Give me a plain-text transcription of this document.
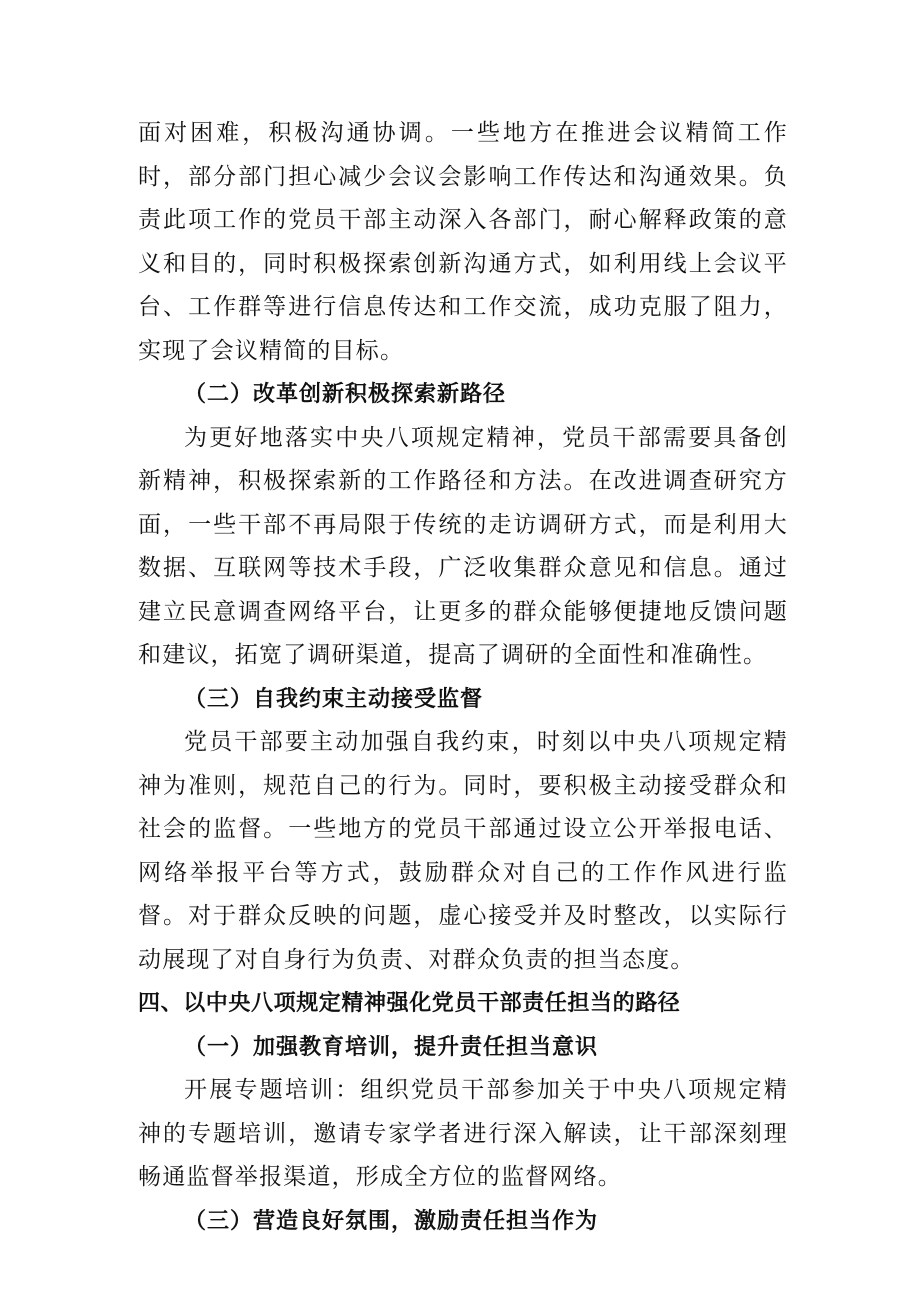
面对困难，积极沟通协调。一些地方在推进会议精简工作时，部分部门担心减少会议会影响工作传达和沟通效果。负责此项工作的党员干部主动深入各部门，耐心解释政策的意义和目的，同时积极探索创新沟通方式，如利用线上会议平台、工作群等进行信息传达和工作交流，成功克服了阻力，实现了会议精简的目标。

（二）改革创新积极探索新路径

为更好地落实中央八项规定精神，党员干部需要具备创新精神，积极探索新的工作路径和方法。在改进调查研究方面，一些干部不再局限于传统的走访调研方式，而是利用大数据、互联网等技术手段，广泛收集群众意见和信息。通过建立民意调查网络平台，让更多的群众能够便捷地反馈问题和建议，拓宽了调研渠道，提高了调研的全面性和准确性。

（三）自我约束主动接受监督

党员干部要主动加强自我约束，时刻以中央八项规定精神为准则，规范自己的行为。同时，要积极主动接受群众和社会的监督。一些地方的党员干部通过设立公开举报电话、网络举报平台等方式，鼓励群众对自己的工作作风进行监督。对于群众反映的问题，虚心接受并及时整改，以实际行动展现了对自身行为负责、对群众负责的担当态度。

四、以中央八项规定精神强化党员干部责任担当的路径

（一）加强教育培训，提升责任担当意识

开展专题培训：组织党员干部参加关于中央八项规定精神的专题培训，邀请专家学者进行深入解读，让干部深刻理畅通监督举报渠道，形成全方位的监督网络。

（三）营造良好氛围，激励责任担当作为
